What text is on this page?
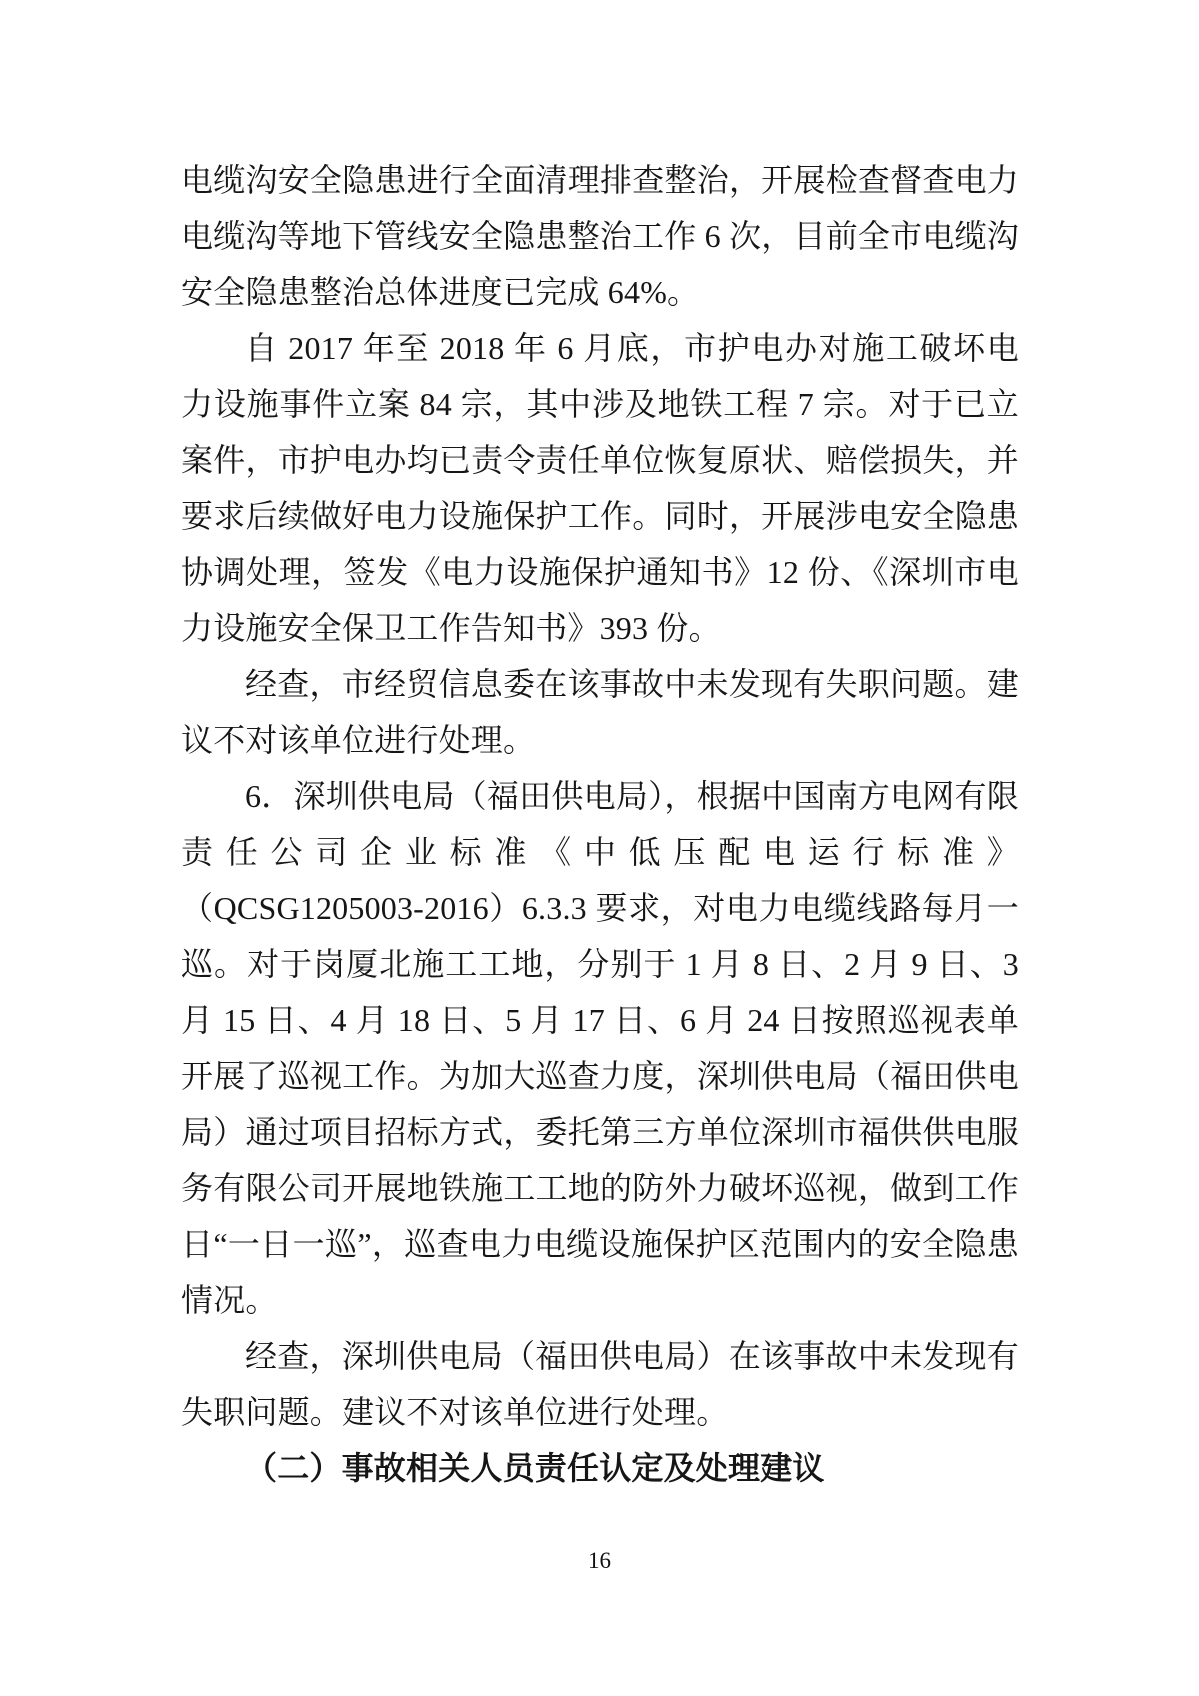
电缆沟安全隐患进行全面清理排查整治，开展检查督查电力电缆沟等地下管线安全隐患整治工作 6 次，目前全市电缆沟安全隐患整治总体进度已完成 64%。

自 2017 年至 2018 年 6 月底，市护电办对施工破坏电力设施事件立案 84 宗，其中涉及地铁工程 7 宗。对于已立案件，市护电办均已责令责任单位恢复原状、赔偿损失，并要求后续做好电力设施保护工作。同时，开展涉电安全隐患协调处理，签发《电力设施保护通知书》12 份、《深圳市电力设施安全保卫工作告知书》393 份。

经查，市经贸信息委在该事故中未发现有失职问题。建议不对该单位进行处理。

6．深圳供电局（福田供电局），根据中国南方电网有限责任公司企业标准《中低压配电运行标准》（QCSG1205003-2016）6.3.3 要求，对电力电缆线路每月一巡。对于岗厦北施工工地，分别于 1 月 8 日、2 月 9 日、3 月 15 日、4 月 18 日、5 月 17 日、6 月 24 日按照巡视表单开展了巡视工作。为加大巡查力度，深圳供电局（福田供电局）通过项目招标方式，委托第三方单位深圳市福供供电服务有限公司开展地铁施工工地的防外力破坏巡视，做到工作日“一日一巡”，巡查电力电缆设施保护区范围内的安全隐患情况。

经查，深圳供电局（福田供电局）在该事故中未发现有失职问题。建议不对该单位进行处理。

（二）事故相关人员责任认定及处理建议
16
